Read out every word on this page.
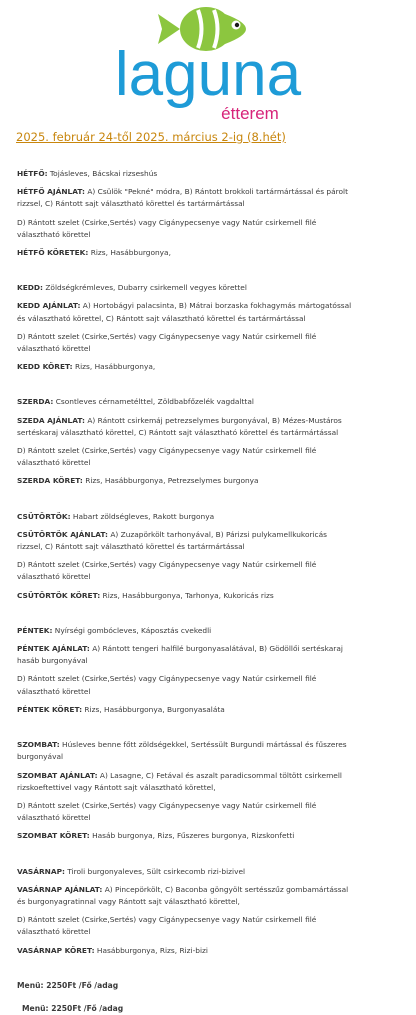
laguna
étterem
2025. február 24-től 2025. március 2-ig (8.hét)

HÉTFŐ: Tojásleves, Bácskai rizseshús

HÉTFŐ AJÁNLAT: A) Csülök "Pekné" módra, B) Rántott brokkoli tartármártással és párolt rizzsel, C) Rántott sajt választható körettel és tartármártással

D) Rántott szelet (Csirke,Sertés) vagy Cigánypecsenye vagy Natúr csirkemell filé választható körettel

HÉTFŐ KÖRETEK: Rizs, Hasábburgonya,

KEDD: Zöldségkrémleves, Dubarry csirkemell vegyes körettel

KEDD AJÁNLAT: A) Hortobágyi palacsinta, B) Mátrai borzaska fokhagymás mártogatóssal és választható körettel, C) Rántott sajt választható körettel és tartármártással

D) Rántott szelet (Csirke,Sertés) vagy Cigánypecsenye vagy Natúr csirkemell filé választható körettel

KEDD KÖRET: Rizs, Hasábburgonya,

SZERDA: Csontleves cérnametélttel, Zöldbabfőzelék vagdalttal

SZEDA AJÁNLAT: A) Rántott csirkemáj petrezselymes burgonyával, B) Mézes-Mustáros sertéskaraj választható körettel, C) Rántott sajt választható körettel és tartármártással

D) Rántott szelet (Csirke,Sertés) vagy Cigánypecsenye vagy Natúr csirkemell filé választható körettel

SZERDA KÖRET: Rizs, Hasábburgonya, Petrezselymes burgonya

CSÜTÖRTÖK: Habart zöldségleves, Rakott burgonya

CSÜTÖRTÖK AJÁNLAT: A) Zuzapörkölt tarhonyával, B) Párizsi pulykamellkukoricás rizzsel, C) Rántott sajt választható körettel és tartármártással

D) Rántott szelet (Csirke,Sertés) vagy Cigánypecsenye vagy Natúr csirkemell filé választható körettel

CSÜTÖRTÖK KÖRET: Rizs, Hasábburgonya, Tarhonya, Kukoricás rizs

PÉNTEK: Nyírségi gombócleves, Káposztás cvekedli

PÉNTEK AJÁNLAT: A) Rántott tengeri halfilé burgonyasalátával, B) Gödöllői sertéskaraj hasáb burgonyával

D) Rántott szelet (Csirke,Sertés) vagy Cigánypecsenye vagy Natúr csirkemell filé választható körettel

PÉNTEK KÖRET: Rizs, Hasábburgonya, Burgonyasaláta

SZOMBAT: Húsleves benne főtt zöldségekkel, Sertéssült Burgundi mártással és fűszeres burgonyával

SZOMBAT AJÁNLAT: A) Lasagne, C) Fetával és aszalt paradicsommal töltött csirkemell rizskoeftettivel vagy Rántott sajt választható körettel,

D) Rántott szelet (Csirke,Sertés) vagy Cigánypecsenye vagy Natúr csirkemell filé választható körettel

SZOMBAT KÖRET: Hasáb burgonya, Rizs, Fűszeres burgonya, Rizskonfetti

VASÁRNAP: Tiroli burgonyaleves, Sült csirkecomb rizi-bizivel

VASÁRNAP AJÁNLAT: A) Pincepörkölt, C) Baconba göngyölt sertésszűz gombamártással és burgonyagratinnal vagy Rántott sajt választható körettel,

D) Rántott szelet (Csirke,Sertés) vagy Cigánypecsenye vagy Natúr csirkemell filé választható körettel

VASÁRNAP KÖRET: Hasábburgonya, Rizs, Rizi-bizi

Menü: 2250Ft /Fő /adag

Menü: 2250Ft /Fő /adag
